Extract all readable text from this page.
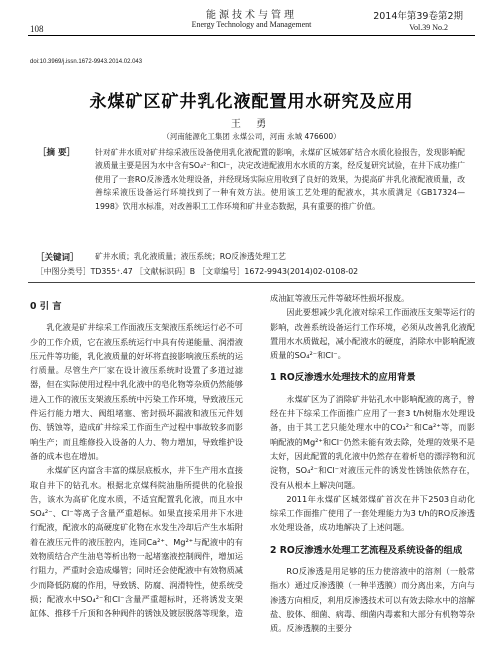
108
能源技术与管理
Energy Technology and Management
2014年第39卷第2期
Vol.39 No.2
doi:10.3969/j.issn.1672-9943.2014.02.043
永煤矿区矿井乳化液配置用水研究及应用
王 勇
（河南能源化工集团 永煤公司，河南 永城 476600）
［摘 要］	针对矿井水质对矿井综采液压设备使用乳化液配置的影响，永煤矿区城郊矿结合水质化验报告，发现影响配液质量主要是因为水中含有SO₄²⁻和Cl⁻，决定改进配液用水水质的方案，经反复研究试验，在井下成功推广使用了一套RO反渗透水处理设备，并经现场实际应用收到了良好的效果，为提高矿井乳化液配液质量，改善综采液压设备运行环境找到了一种有效方法。使用该工艺处理的配液水，其水质满足《GB17324—1998》饮用水标准，对改善职工工作环境和矿井业态数据，具有重要的推广价值。
［关键词］ 矿井水质；乳化液质量；液压系统；RO反渗透处理工艺
［中图分类号］TD355⁺.47 ［文献标识码］B ［文章编号］1672-9943(2014)02-0108-02
0 引 言

乳化液是矿井综采工作面液压支架液压系统运行必不可少的工作介质，它在液压系统运行中具有传递能量、润滑液压元件等功能，乳化液质量的好坏将直接影响液压系统的运行质量。尽管生产厂家在设计液压系统时设置了多道过滤器，但在实际使用过程中乳化液中的皂化物等杂质仍然能够进入工作的液压支架液压系统中污染工作环境，导致液压元件运行能力增大、阀组堵塞、密封损坏漏液和液压元件划伤、锈蚀等，造成矿井综采工作面生产过程中事故较多而影响生产；而且维修投入设备的人力、物力增加，导致维护设备的成本也在增加。

永煤矿区内富含丰富的煤层底板水，井下生产用水直接取自井下的钻孔水。根据北京煤科院油脂所提供的化验报告，该水为高矿化度水质，不适宜配置乳化液，而且水中SO₄²⁻、Cl⁻等离子含量严重超标。如果直接采用井下水进行配液，配液水的高硬度矿化物在水发生冷却后产生水垢附着在液压元件的液压腔内，连同Ca²⁺、Mg²⁺与配液中的有效物质结合产生油皂等析出物一起堵塞液控制阀件，增加运行阻力，严重时会造成爆管；同时还会使配液中有效物质减少而降低防腐的作用，导致锈、防腐、润滑特性，使系统受损；配液水中SO₄²⁻和Cl⁻含量严重超标时，还将诱发支架缸体、推移千斤顶和各种阀件的锈蚀及镀层脱落等现象，造

成油缸等液压元件等破坏性损坏报废。

因此要想减少乳化液对综采工作面液压支架等运行的影响，改善系统设备运行工作环境，必须从改善乳化液配置用水水质做起，减小配液水的硬度，消除水中影响配液质量的SO₄²⁻和Cl⁻。

1 RO反渗透水处理技术的应用背景

永煤矿区为了消除矿井钻孔水中影响配液的离子，曾经在井下综采工作面推广应用了一套3 t/h树脂水处理设备，由于其工艺只能处理水中的CO₃²⁻和Ca²⁺等，而影响配液的Mg²⁺和Cl⁻仍然未能有效去除，处理的效果不是太好，因此配置的乳化液中仍然存在着析皂的漂浮物和沉淀物，SO₄²⁻和Cl⁻对液压元件的诱发性锈蚀依然存在，没有从根本上解决问题。

2011年永煤矿区城郊煤矿首次在井下2503自动化综采工作面推广使用了一套处理能力为3 t/h的RO反渗透水处理设备，成功地解决了上述问题。

2 RO反渗透水处理工艺流程及系统设备的组成

RO反渗透是用足够的压力使溶液中的溶剂（一般常指水）通过反渗透膜（一种半透膜）而分离出来，方向与渗透方向相反，利用反渗透技术可以有效去除水中的溶解盐、胶体、细菌、病毒、细菌内毒素和大部分有机物等杂质。反渗透膜的主要分
